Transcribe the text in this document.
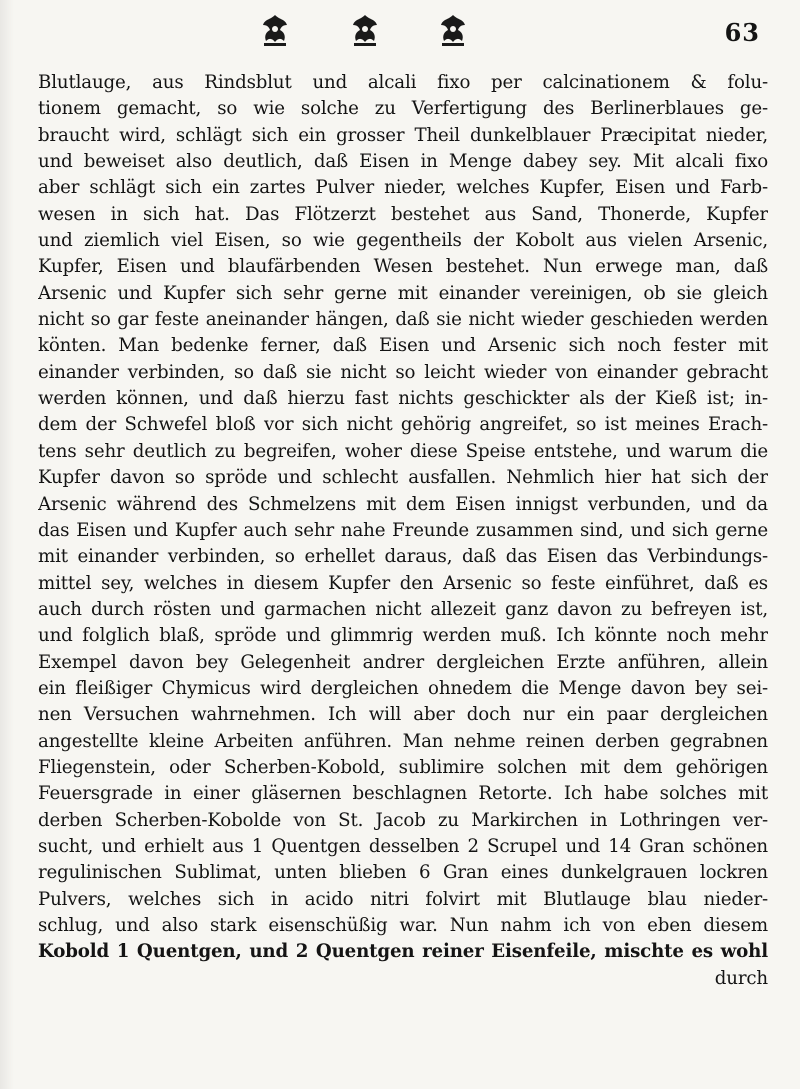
63
Blutlauge, aus Rindsblut und alcali fixo per calcinationem & folu-
tionem gemacht, so wie solche zu Verfertigung des Berlinerblaues ge-
braucht wird, schlägt sich ein grosser Theil dunkelblauer Præcipitat nieder,
und beweiset also deutlich, daß Eisen in Menge dabey sey. Mit alcali fixo
aber schlägt sich ein zartes Pulver nieder, welches Kupfer, Eisen und Farb-
wesen in sich hat. Das Flötzerzt bestehet aus Sand, Thonerde, Kupfer
und ziemlich viel Eisen, so wie gegentheils der Kobolt aus vielen Arsenic,
Kupfer, Eisen und blaufärbenden Wesen bestehet. Nun erwege man, daß
Arsenic und Kupfer sich sehr gerne mit einander vereinigen, ob sie gleich
nicht so gar feste aneinander hängen, daß sie nicht wieder geschieden werden
könten. Man bedenke ferner, daß Eisen und Arsenic sich noch fester mit
einander verbinden, so daß sie nicht so leicht wieder von einander gebracht
werden können, und daß hierzu fast nichts geschickter als der Kieß ist; in-
dem der Schwefel bloß vor sich nicht gehörig angreifet, so ist meines Erach-
tens sehr deutlich zu begreifen, woher diese Speise entstehe, und warum die
Kupfer davon so spröde und schlecht ausfallen. Nehmlich hier hat sich der
Arsenic während des Schmelzens mit dem Eisen innigst verbunden, und da
das Eisen und Kupfer auch sehr nahe Freunde zusammen sind, und sich gerne
mit einander verbinden, so erhellet daraus, daß das Eisen das Verbindungs-
mittel sey, welches in diesem Kupfer den Arsenic so feste einführet, daß es
auch durch rösten und garmachen nicht allezeit ganz davon zu befreyen ist,
und folglich blaß, spröde und glimmrig werden muß. Ich könnte noch mehr
Exempel davon bey Gelegenheit andrer dergleichen Erzte anführen, allein
ein fleißiger Chymicus wird dergleichen ohnedem die Menge davon bey sei-
nen Versuchen wahrnehmen. Ich will aber doch nur ein paar dergleichen
angestellte kleine Arbeiten anführen. Man nehme reinen derben gegrabnen
Fliegenstein, oder Scherben-Kobold, sublimire solchen mit dem gehörigen
Feuersgrade in einer gläsernen beschlagnen Retorte. Ich habe solches mit
derben Scherben-Kobolde von St. Jacob zu Markirchen in Lothringen ver-
sucht, und erhielt aus 1 Quentgen desselben 2 Scrupel und 14 Gran schönen
regulinischen Sublimat, unten blieben 6 Gran eines dunkelgrauen lockren
Pulvers, welches sich in acido nitri folvirt mit Blutlauge blau nieder-
schlug, und also stark eisenschüßig war. Nun nahm ich von eben diesem
Kobold 1 Quentgen, und 2 Quentgen reiner Eisenfeile, mischte es wohl
durch
